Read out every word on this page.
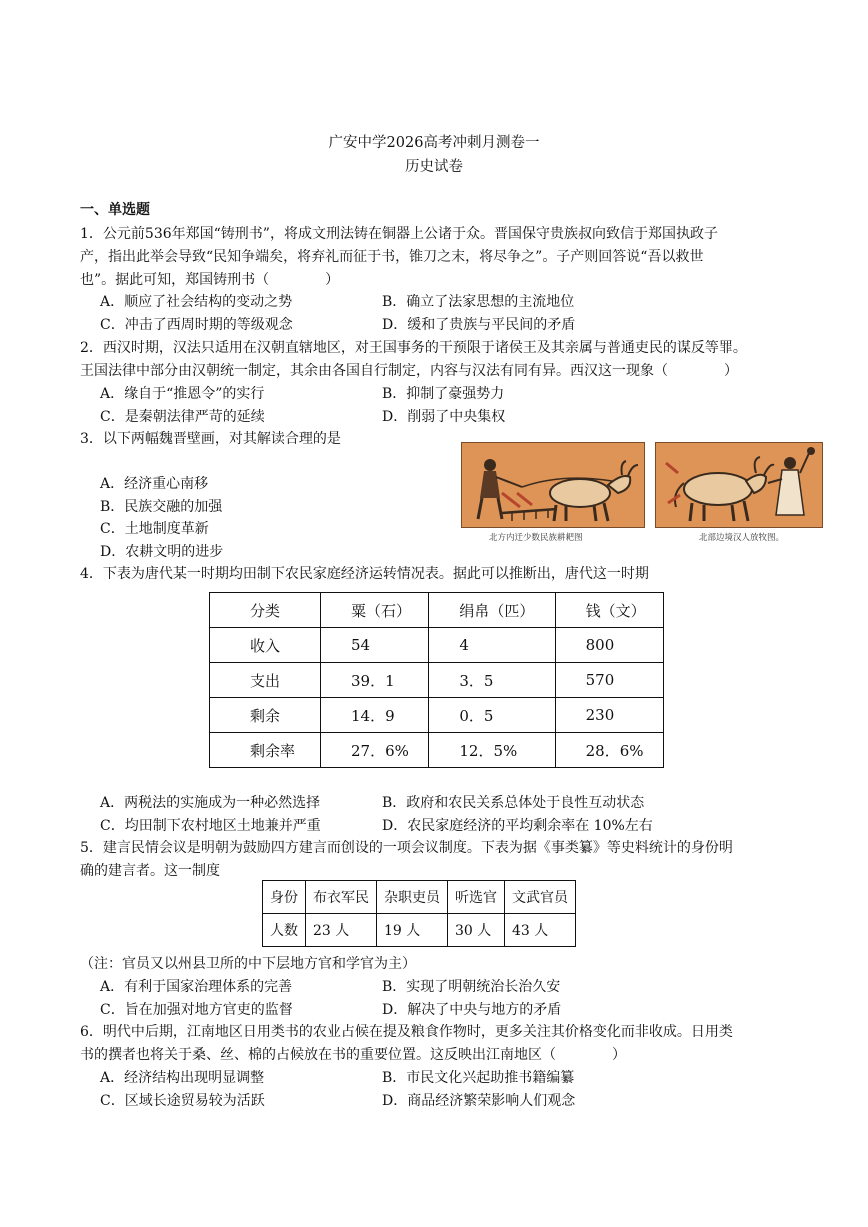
广安中学2026高考冲刺月测卷一
历史试卷
一、单选题
1．公元前536年郑国“铸刑书”，将成文刑法铸在铜器上公诸于众。晋国保守贵族叔向致信于郑国执政子
产，指出此举会导致“民知争端矣，将弃礼而征于书，锥刀之末，将尽争之”。子产则回答说“吾以救世
也”。据此可知，郑国铸刑书（　　　　）
A．顺应了社会结构的变动之势	B．确立了法家思想的主流地位
C．冲击了西周时期的等级观念	D．缓和了贵族与平民间的矛盾
2．西汉时期，汉法只适用在汉朝直辖地区，对王国事务的干预限于诸侯王及其亲属与普通吏民的谋反等罪。
王国法律中部分由汉朝统一制定，其余由各国自行制定，内容与汉法有同有异。西汉这一现象（　　　　）
A．缘自于“推恩令”的实行	B．抑制了豪强势力
C．是秦朝法律严苛的延续	D．削弱了中央集权
3．以下两幅魏晋壁画，对其解读合理的是
A．经济重心南移
B．民族交融的加强
C．土地制度革新
D．农耕文明的进步
北方内迁少数民族耕耙图	北部边境汉人放牧图。
4．下表为唐代某一时期均田制下农民家庭经济运转情况表。据此可以推断出，唐代这一时期
分类	粟（石）	绢帛（匹）	钱（文）
收入	54	4	800
支出	39．1	3．5	570
剩余	14．9	0．5	230
剩余率	27．6%	12．5%	28．6%
A．两税法的实施成为一种必然选择	B．政府和农民关系总体处于良性互动状态
C．均田制下农村地区土地兼并严重	D．农民家庭经济的平均剩余率在 10%左右
5．建言民情会议是明朝为鼓励四方建言而创设的一项会议制度。下表为据《事类纂》等史料统计的身份明
确的建言者。这一制度
身份	布衣军民	杂职吏员	听选官	文武官员
人数	23 人	19 人	30 人	43 人
（注：官员又以州县卫所的中下层地方官和学官为主）
A．有利于国家治理体系的完善	B．实现了明朝统治长治久安
C．旨在加强对地方官吏的监督	D．解决了中央与地方的矛盾
6．明代中后期，江南地区日用类书的农业占候在提及粮食作物时，更多关注其价格变化而非收成。日用类
书的撰者也将关于桑、丝、棉的占候放在书的重要位置。这反映出江南地区（　　　　）
A．经济结构出现明显调整	B．市民文化兴起助推书籍编纂
C．区域长途贸易较为活跃	D．商品经济繁荣影响人们观念
